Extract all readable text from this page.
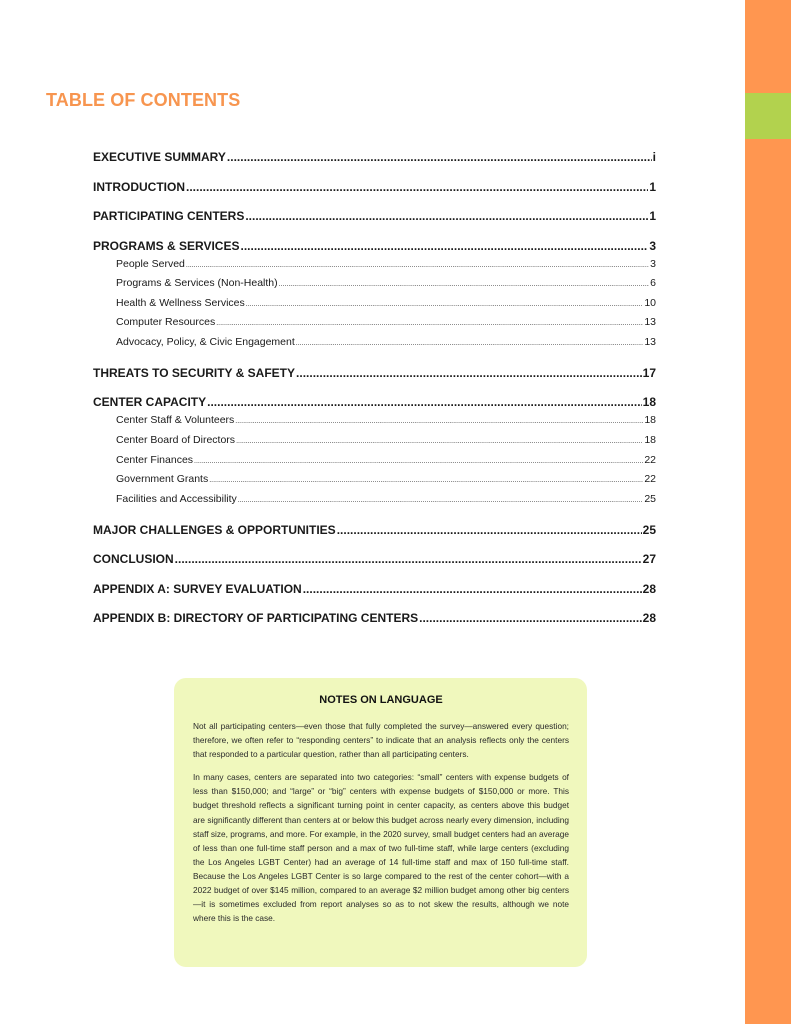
TABLE OF CONTENTS
EXECUTIVE SUMMARY .....	i
INTRODUCTION .....	1
PARTICIPATING CENTERS .....	1
PROGRAMS & SERVICES .....	3
People Served .....	3
Programs & Services (Non-Health) .....	6
Health & Wellness Services .....	10
Computer Resources .....	13
Advocacy, Policy, & Civic Engagement .....	13
THREATS TO SECURITY & SAFETY .....	17
CENTER CAPACITY .....	18
Center Staff & Volunteers .....	18
Center Board of Directors .....	18
Center Finances .....	22
Government Grants .....	22
Facilities and Accessibility .....	25
MAJOR CHALLENGES & OPPORTUNITIES .....	25
CONCLUSION .....	27
APPENDIX A: SURVEY EVALUATION .....	28
APPENDIX B: DIRECTORY OF PARTICIPATING CENTERS .....	28
NOTES ON LANGUAGE

Not all participating centers—even those that fully completed the survey—answered every question; therefore, we often refer to “responding centers” to indicate that an analysis reflects only the centers that responded to a particular question, rather than all participating centers.

In many cases, centers are separated into two categories: “small” centers with expense budgets of less than $150,000; and “large” or “big” centers with expense budgets of $150,000 or more. This budget threshold reflects a significant turning point in center capacity, as centers above this budget are significantly different than centers at or below this budget across nearly every dimension, including staff size, programs, and more. For example, in the 2020 survey, small budget centers had an average of less than one full-time staff person and a max of two full-time staff, while large centers (excluding the Los Angeles LGBT Center) had an average of 14 full-time staff and max of 150 full-time staff. Because the Los Angeles LGBT Center is so large compared to the rest of the center cohort—with a 2022 budget of over $145 million, compared to an average $2 million budget among other big centers—it is sometimes excluded from report analyses so as to not skew the results, although we note where this is the case.
